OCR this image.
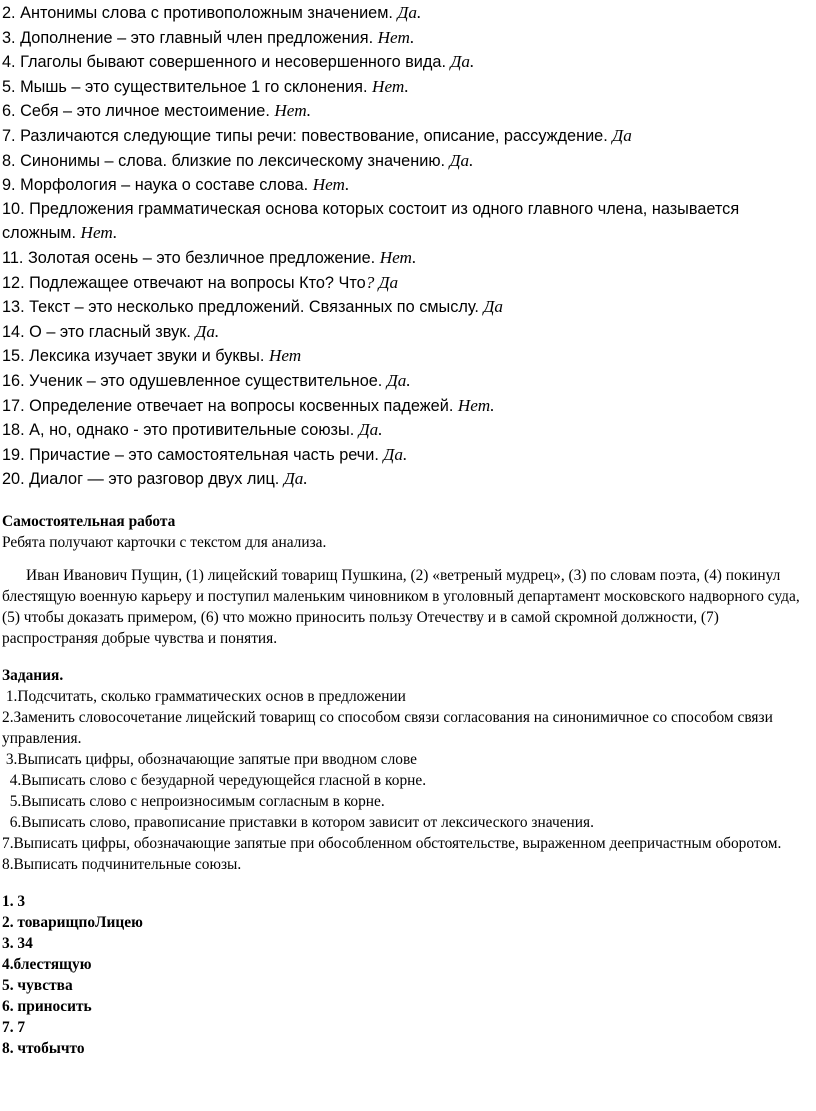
2. Антонимы слова с противоположным значением. Да.
3. Дополнение – это главный член предложения. Нет.
4. Глаголы бывают совершенного и несовершенного вида. Да.
5. Мышь – это существительное 1 го склонения. Нет.
6. Себя – это личное местоимение. Нет.
7. Различаются следующие типы речи: повествование, описание, рассуждение. Да
8. Синонимы – слова. близкие по лексическому значению. Да.
9. Морфология – наука о составе слова. Нет.
10. Предложения грамматическая основа которых состоит из одного главного члена, называется сложным. Нет.
11. Золотая осень – это безличное предложение. Нет.
12. Подлежащее отвечают на вопросы Кто? Что? Да
13. Текст – это несколько предложений. Связанных по смыслу. Да
14. О – это гласный звук. Да.
15. Лексика изучает звуки и буквы. Нет
16. Ученик – это одушевленное существительное. Да.
17. Определение отвечает на вопросы косвенных падежей. Нет.
18. А, но, однако - это противительные союзы. Да.
19. Причастие – это самостоятельная часть речи. Да.
20. Диалог — это разговор двух лиц. Да.
Самостоятельная работа
Ребята получают карточки с текстом для анализа.
Иван Иванович Пущин, (1) лицейский товарищ Пушкина, (2) «ветреный мудрец», (3) по словам поэта, (4) покинул блестящую военную карьеру и поступил маленьким чиновником в уголовный департамент московского надворного суда, (5) чтобы доказать примером, (6) что можно приносить пользу Отечеству и в самой скромной должности, (7) распространяя добрые чувства и понятия.
Задания.
1.Подсчитать, сколько грамматических основ в предложении
2.Заменить словосочетание лицейский товарищ со способом связи согласования на синонимичное со способом связи управления.
3.Выписать цифры, обозначающие запятые при вводном слове
4.Выписать слово с безударной чередующейся гласной в корне.
5.Выписать слово с непроизносимым согласным в корне.
6.Выписать слово, правописание приставки в котором зависит от лексического значения.
7.Выписать цифры, обозначающие запятые при обособленном обстоятельстве, выраженном деепричастным оборотом.
8.Выписать подчинительные союзы.
1. 3
2. товарищпоЛицею
3. 34
4.блестящую
5. чувства
6. приносить
7. 7
8. чтобычто
